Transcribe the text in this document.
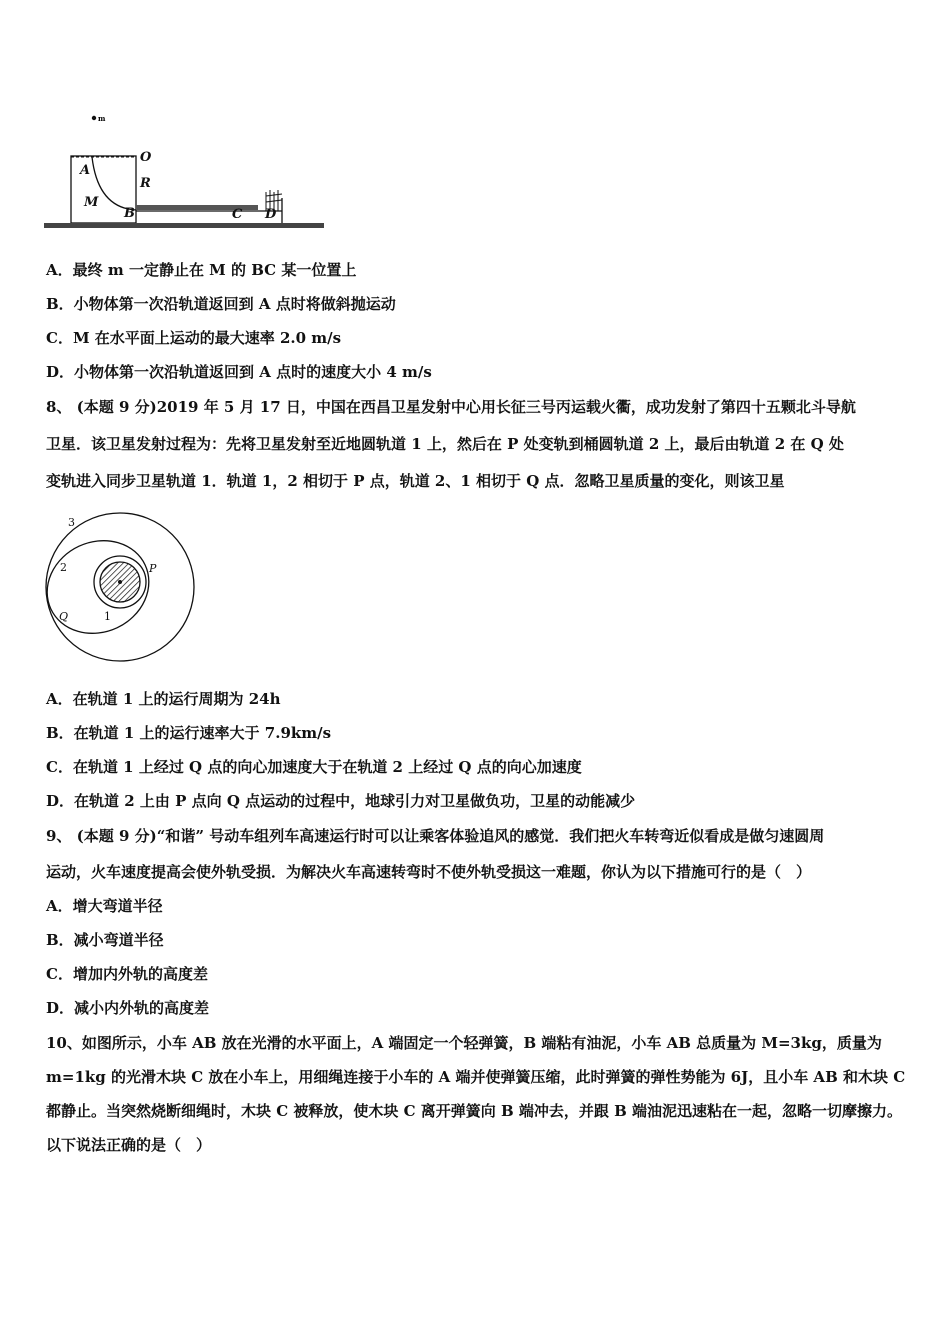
m
A
M
B
O
R
C D
A．最终 m 一定静止在 M 的 BC 某一位置上
B．小物体第一次沿轨道返回到 A 点时将做斜抛运动
C．M 在水平面上运动的最大速率 2.0 m/s
D．小物体第一次沿轨道返回到 A 点时的速度大小 4 m/s
8、 (本题 9 分)2019 年 5 月 17 日，中国在西昌卫星发射中心用长征三号丙运载火衢，成功发射了第四十五颗北斗导航
卫星．该卫星发射过程为：先将卫星发射至近地圆轨道 1 上，然后在 P 处变轨到桶圆轨道 2 上，最后由轨道 2 在 Q 处
变轨进入同步卫星轨道 1．轨道 1，2 相切于 P 点，轨道 2、1 相切于 Q 点．忽略卫星质量的变化，则该卫星
3
2
1
P
Q
A．在轨道 1 上的运行周期为 24h
B．在轨道 1 上的运行速率大于 7.9km/s
C．在轨道 1 上经过 Q 点的向心加速度大于在轨道 2 上经过 Q 点的向心加速度
D．在轨道 2 上由 P 点向 Q 点运动的过程中，地球引力对卫星做负功，卫星的动能减少
9、 (本题 9 分)“和谐” 号动车组列车高速运行时可以让乘客体验追风的感觉．我们把火车转弯近似看成是做匀速圆周
运动，火车速度提高会使外轨受损．为解决火车高速转弯时不使外轨受损这一难题，你认为以下措施可行的是（　）
A．增大弯道半径
B．减小弯道半径
C．增加内外轨的高度差
D．减小内外轨的高度差
10、如图所示，小车 AB 放在光滑的水平面上，A 端固定一个轻弹簧，B 端粘有油泥，小车 AB 总质量为 M=3kg，质量为 m=1kg 的光滑木块 C 放在小车上，用细绳连接于小车的 A 端并使弹簧压缩，此时弹簧的弹性势能为 6J，且小车 AB 和木块 C 都静止。当突然烧断细绳时，木块 C 被释放，使木块 C 离开弹簧向 B 端冲去，并跟 B 端油泥迅速粘在一起，忽略一切摩擦力。以下说法正确的是（　）
